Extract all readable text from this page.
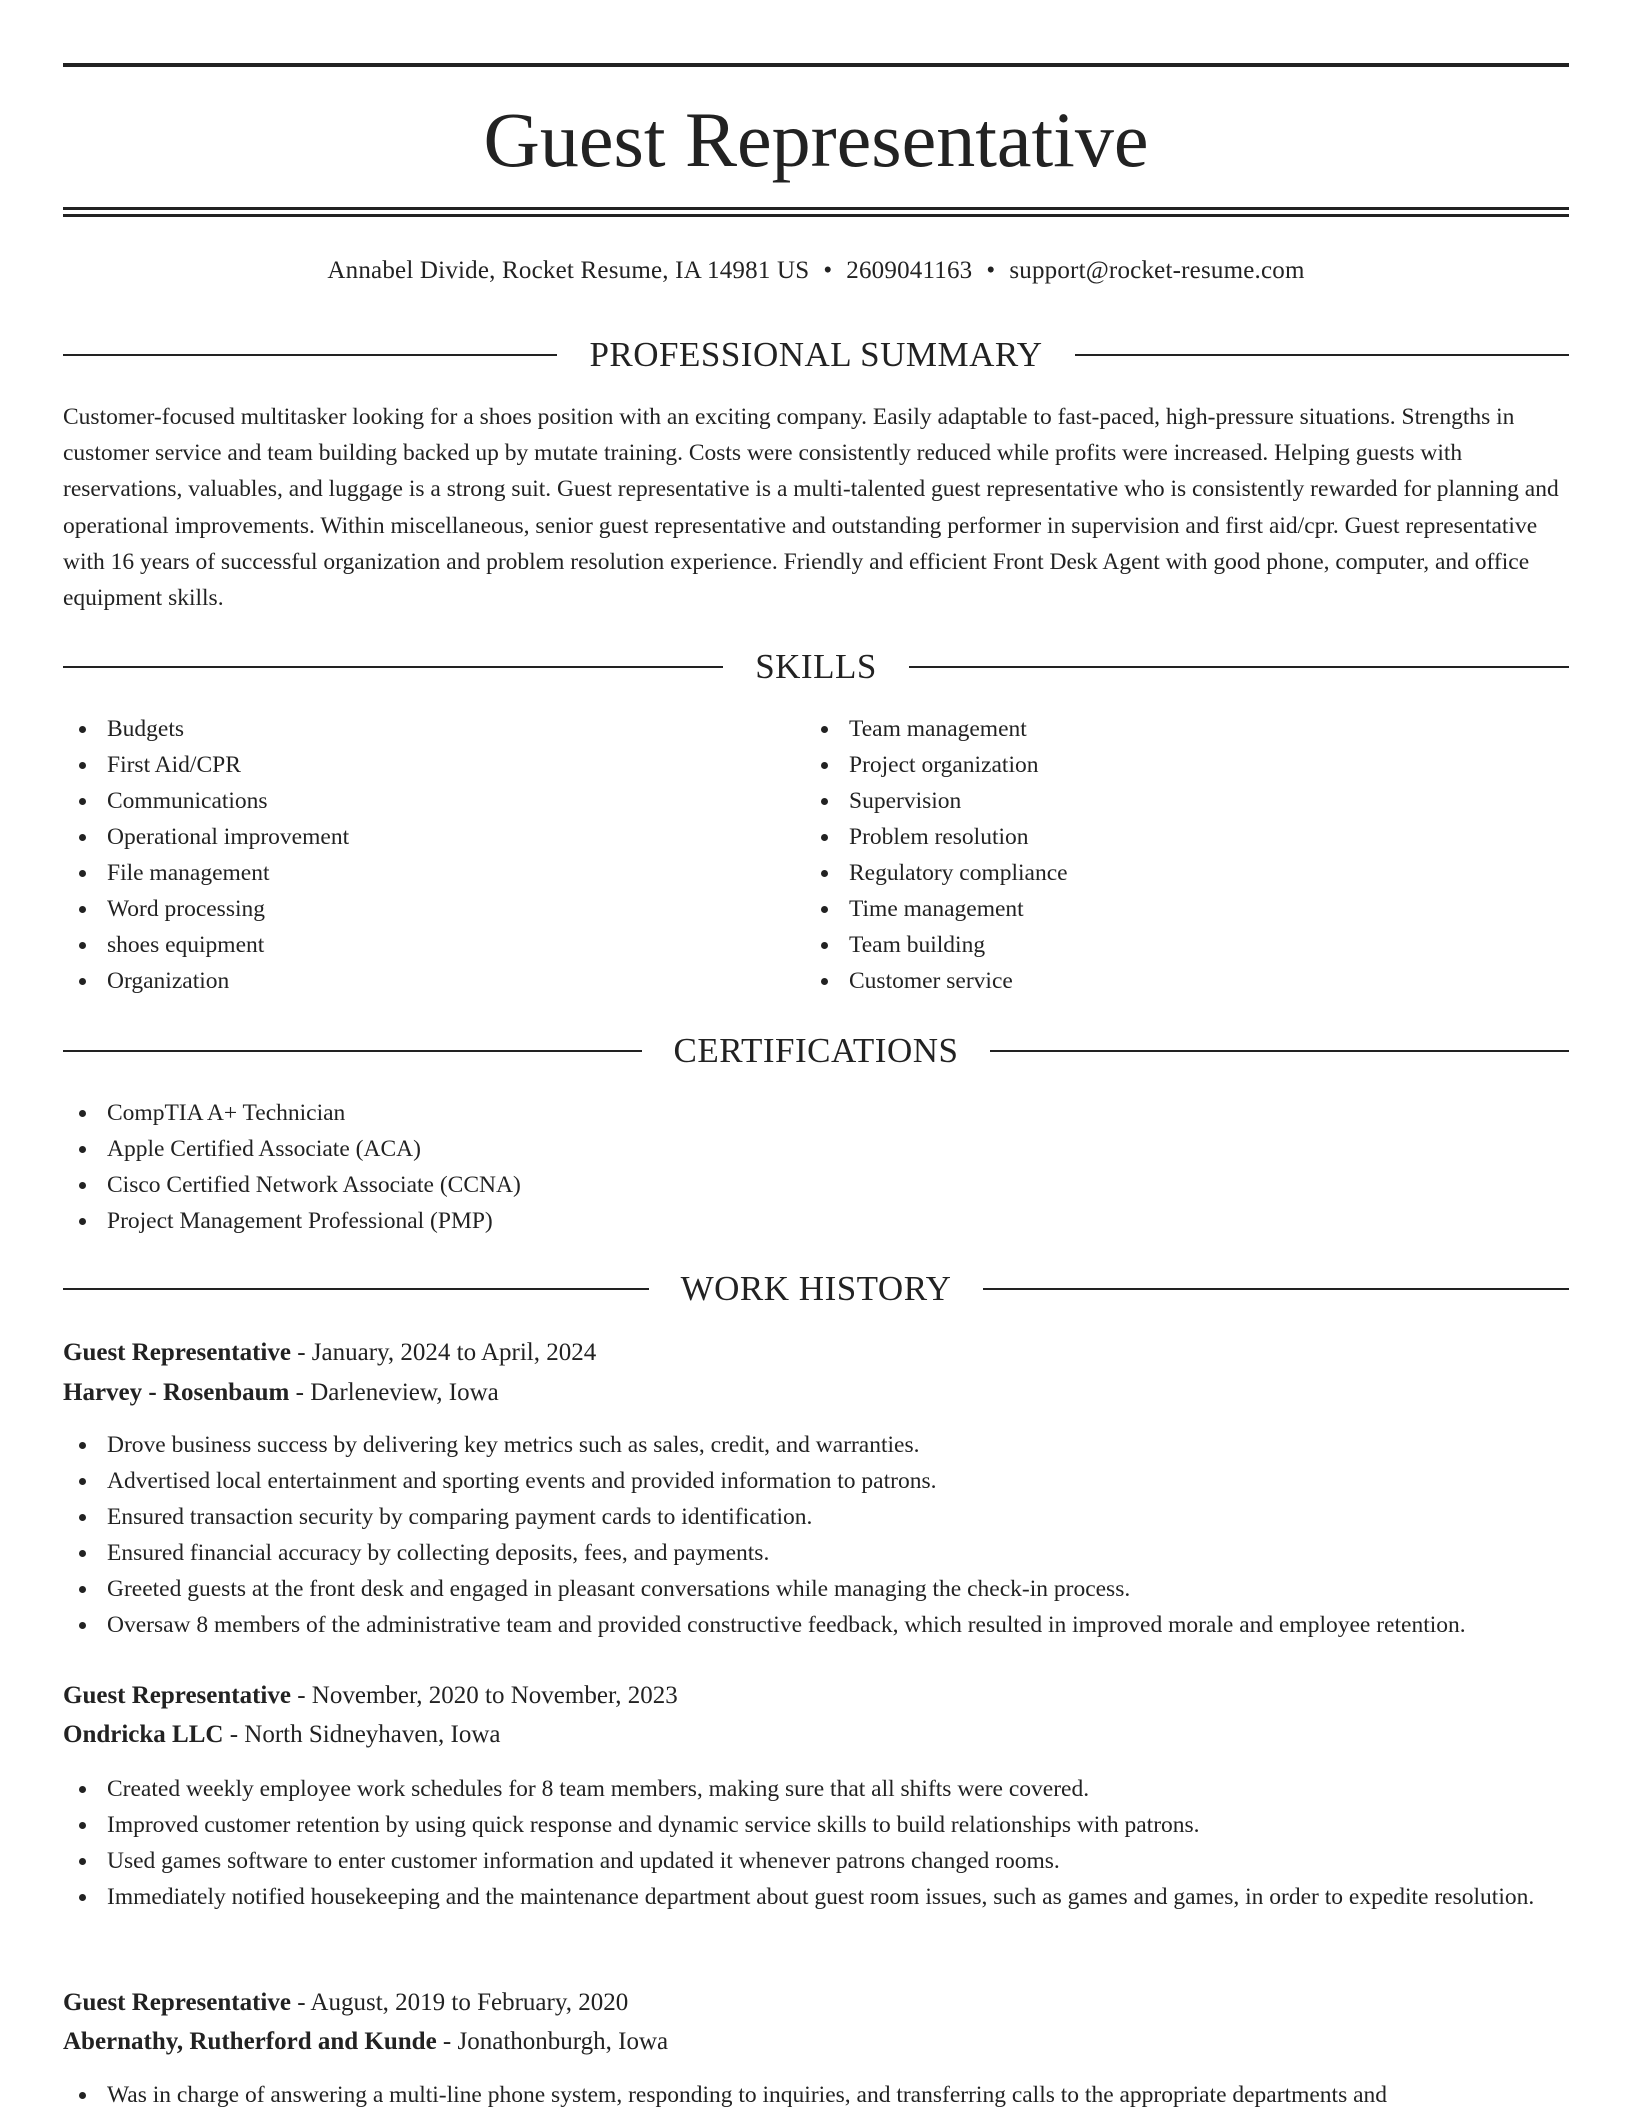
Guest Representative
Annabel Divide, Rocket Resume, IA 14981 US • 2609041163 • support@rocket-resume.com
PROFESSIONAL SUMMARY

Customer-focused multitasker looking for a shoes position with an exciting company. Easily adaptable to fast-paced, high-pressure situations. Strengths in customer service and team building backed up by mutate training. Costs were consistently reduced while profits were increased. Helping guests with reservations, valuables, and luggage is a strong suit. Guest representative is a multi-talented guest representative who is consistently rewarded for planning and operational improvements. Within miscellaneous, senior guest representative and outstanding performer in supervision and first aid/cpr. Guest representative with 16 years of successful organization and problem resolution experience. Friendly and efficient Front Desk Agent with good phone, computer, and office equipment skills.

SKILLS
Budgets
First Aid/CPR
Communications
Operational improvement
File management
Word processing
shoes equipment
Organization
Team management
Project organization
Supervision
Problem resolution
Regulatory compliance
Time management
Team building
Customer service
CERTIFICATIONS
CompTIA A+ Technician
Apple Certified Associate (ACA)
Cisco Certified Network Associate (CCNA)
Project Management Professional (PMP)
WORK HISTORY
Guest Representative - January, 2024 to April, 2024
Harvey - Rosenbaum - Darleneview, Iowa
Drove business success by delivering key metrics such as sales, credit, and warranties.
Advertised local entertainment and sporting events and provided information to patrons.
Ensured transaction security by comparing payment cards to identification.
Ensured financial accuracy by collecting deposits, fees, and payments.
Greeted guests at the front desk and engaged in pleasant conversations while managing the check-in process.
Oversaw 8 members of the administrative team and provided constructive feedback, which resulted in improved morale and employee retention.
Guest Representative - November, 2020 to November, 2023
Ondricka LLC - North Sidneyhaven, Iowa
Created weekly employee work schedules for 8 team members, making sure that all shifts were covered.
Improved customer retention by using quick response and dynamic service skills to build relationships with patrons.
Used games software to enter customer information and updated it whenever patrons changed rooms.
Immediately notified housekeeping and the maintenance department about guest room issues, such as games and games, in order to expedite resolution.
Guest Representative - August, 2019 to February, 2020
Abernathy, Rutherford and Kunde - Jonathonburgh, Iowa
Was in charge of answering a multi-line phone system, responding to inquiries, and transferring calls to the appropriate departments and
